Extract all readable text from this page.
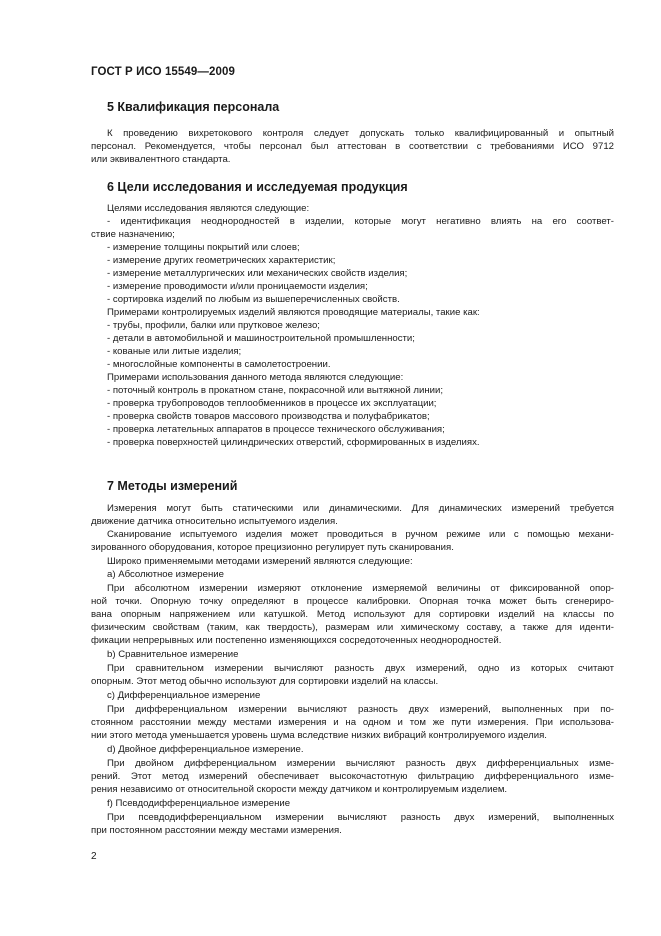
ГОСТ Р ИСО 15549—2009
5 Квалификация персонала
К проведению вихретокового контроля следует допускать только квалифицированный и опытный
персонал. Рекомендуется, чтобы персонал был аттестован в соответствии с требованиями ИСО 9712
или эквивалентного стандарта.
6 Цели исследования и исследуемая продукция
Целями исследования являются следующие:
- идентификация неоднородностей в изделии, которые могут негативно влиять на его соответ-
ствие назначению;
- измерение толщины покрытий или слоев;
- измерение других геометрических характеристик;
- измерение металлургических или механических свойств изделия;
- измерение проводимости и/или проницаемости изделия;
- сортировка изделий по любым из вышеперечисленных свойств.
Примерами контролируемых изделий являются проводящие материалы, такие как:
- трубы, профили, балки или прутковое железо;
- детали в автомобильной и машиностроительной промышленности;
- кованые или литые изделия;
- многослойные компоненты в самолетостроении.
Примерами использования данного метода являются следующие:
- поточный контроль в прокатном стане, покрасочной или вытяжной линии;
- проверка трубопроводов теплообменников в процессе их эксплуатации;
- проверка свойств товаров массового производства и полуфабрикатов;
- проверка летательных аппаратов в процессе технического обслуживания;
- проверка поверхностей цилиндрических отверстий, сформированных в изделиях.
7 Методы измерений
Измерения могут быть статическими или динамическими. Для динамических измерений требуется
движение датчика относительно испытуемого изделия.
Сканирование испытуемого изделия может проводиться в ручном режиме или с помощью механи-
зированного оборудования, которое прецизионно регулирует путь сканирования.
Широко применяемыми методами измерений являются следующие:
a) Абсолютное измерение
При абсолютном измерении измеряют отклонение измеряемой величины от фиксированной опор-
ной точки. Опорную точку определяют в процессе калибровки. Опорная точка может быть сгенериро-
вана опорным напряжением или катушкой. Метод используют для сортировки изделий на классы по
физическим свойствам (таким, как твердость), размерам или химическому составу, а также для иденти-
фикации непрерывных или постепенно изменяющихся сосредоточенных неоднородностей.
b) Сравнительное измерение
При сравнительном измерении вычисляют разность двух измерений, одно из которых считают
опорным. Этот метод обычно используют для сортировки изделий на классы.
c) Дифференциальное измерение
При дифференциальном измерении вычисляют разность двух измерений, выполненных при по-
стоянном расстоянии между местами измерения и на одном и том же пути измерения. При использова-
нии этого метода уменьшается уровень шума вследствие низких вибраций контролируемого изделия.
d) Двойное дифференциальное измерение.
При двойном дифференциальном измерении вычисляют разность двух дифференциальных изме-
рений. Этот метод измерений обеспечивает высокочастотную фильтрацию дифференциального изме-
рения независимо от относительной скорости между датчиком и контролируемым изделием.
f) Псевдодифференциальное измерение
При псевдодифференциальном измерении вычисляют разность двух измерений, выполненных
при постоянном расстоянии между местами измерения.
2
